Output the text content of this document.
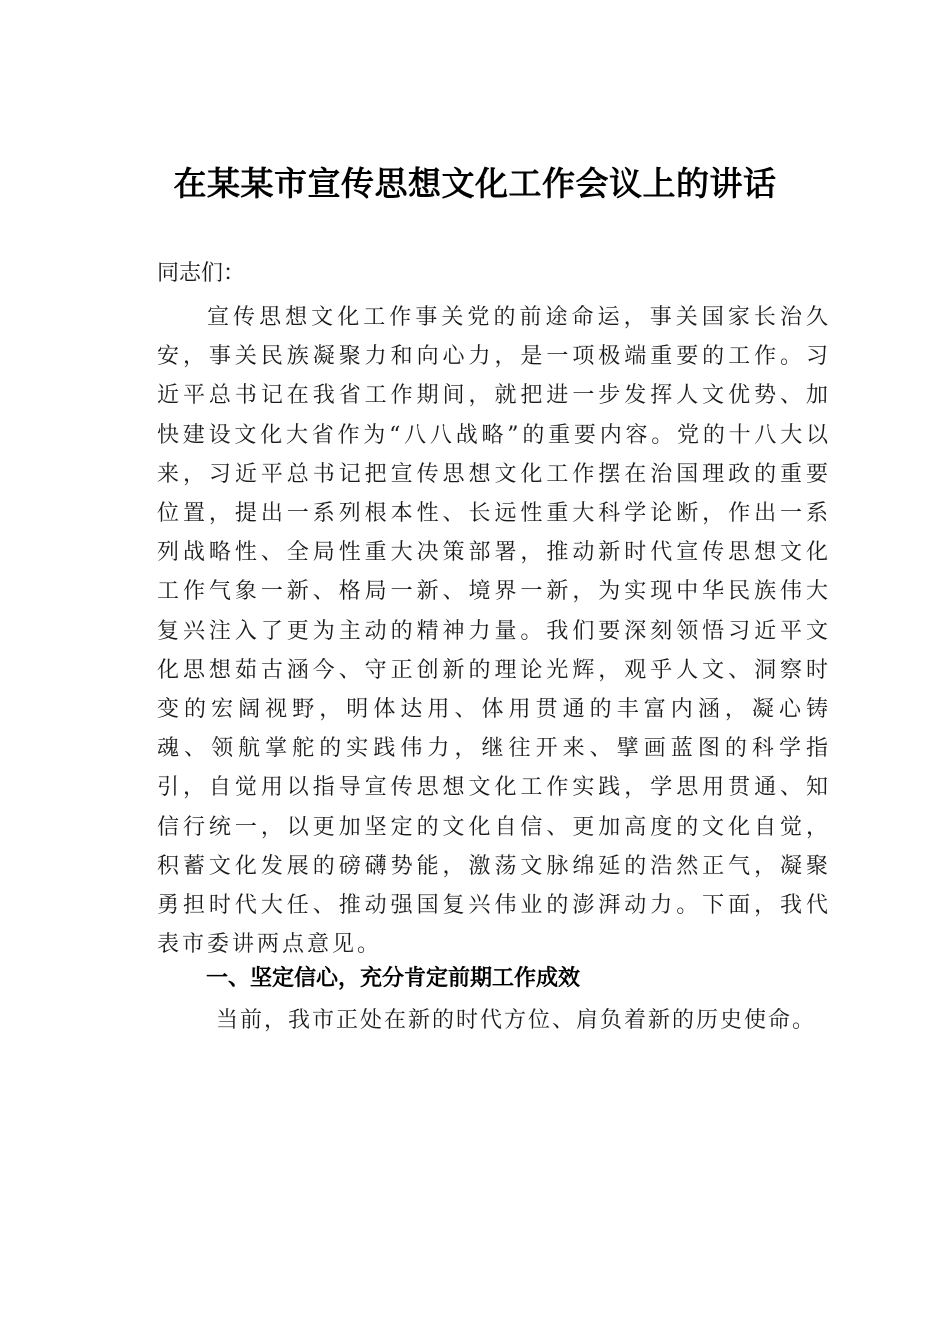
在某某市宣传思想文化工作会议上的讲话
同志们：
宣传思想文化工作事关党的前途命运，事关国家长治久安，事关民族凝聚力和向心力，是一项极端重要的工作。习近平总书记在我省工作期间，就把进一步发挥人文优势、加快建设文化大省作为“八八战略”的重要内容。党的十八大以来，习近平总书记把宣传思想文化工作摆在治国理政的重要位置，提出一系列根本性、长远性重大科学论断，作出一系列战略性、全局性重大决策部署，推动新时代宣传思想文化工作气象一新、格局一新、境界一新，为实现中华民族伟大复兴注入了更为主动的精神力量。我们要深刻领悟习近平文化思想茹古涵今、守正创新的理论光辉，观乎人文、洞察时变的宏阔视野，明体达用、体用贯通的丰富内涵，凝心铸魂、领航掌舵的实践伟力，继往开来、擘画蓝图的科学指引，自觉用以指导宣传思想文化工作实践，学思用贯通、知信行统一，以更加坚定的文化自信、更加高度的文化自觉，积蓄文化发展的磅礴势能，激荡文脉绵延的浩然正气，凝聚勇担时代大任、推动强国复兴伟业的澎湃动力。下面，我代表市委讲两点意见。
一、坚定信心，充分肯定前期工作成效
当前，我市正处在新的时代方位、肩负着新的历史使命。
